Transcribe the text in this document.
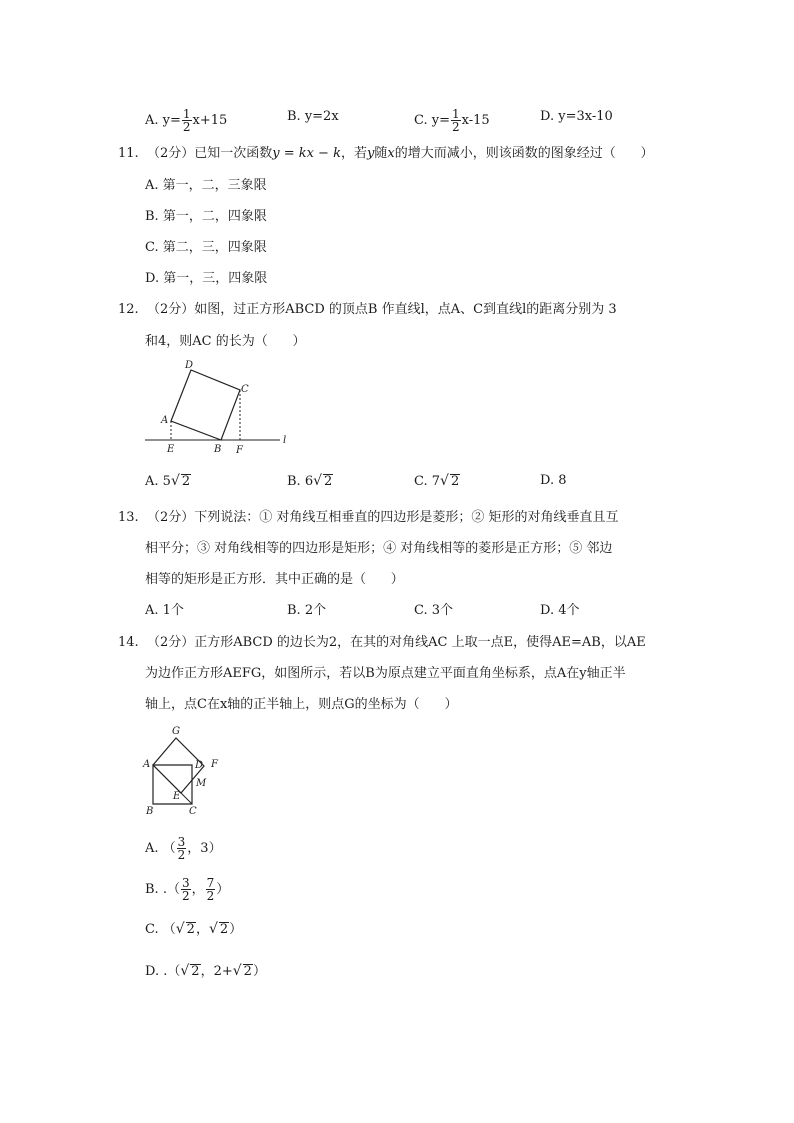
A. $y= \frac{1}{2} x+15$	B. y=2x	C. $y= \frac{1}{2} x-15$	D. y=3x-10
11.  （2分）已知一次函数y = kx − k，若y随x的增大而减小，则该函数的图象经过（      ）
A. 第一，二，三象限
B. 第一，二，四象限
C. 第二，三，四象限
D. 第一，三，四象限
12.  （2分）如图，过正方形ABCD 的顶点B 作直线l，点A、C到直线l的距离分别为 3
和4，则AC 的长为（      ）
D
C
A
E	B F
l
A. 5√ 2	B. 6√ 2	C. 7√ 2	D. 8
13.  （2分）下列说法：① 对角线互相垂直的四边形是菱形；② 矩形的对角线垂直且互
相平分；③ 对角线相等的四边形是矩形；④ 对角线相等的菱形是正方形；⑤ 邻边
相等的矩形是正方形．其中正确的是（      ）
A. 1个	B. 2个	C. 3个	D. 4个
14.  （2分）正方形ABCD 的边长为2，在其的对角线AC 上取一点E，使得AE=AB，以AE
为边作正方形AEFG，如图所示，若以B为原点建立平面直角坐标系，点A在y轴正半
轴上，点C在x轴的正半轴上，则点G的坐标为（      ）
G
A	D F
M
E
B	C
A. （ $\frac{3}{2}$ ，3）
B. .（ $\frac{3}{2}$ ， $\frac{7}{2}$ ）
C. （√ 2，√ 2）
D. .（√ 2，2+√ 2）
